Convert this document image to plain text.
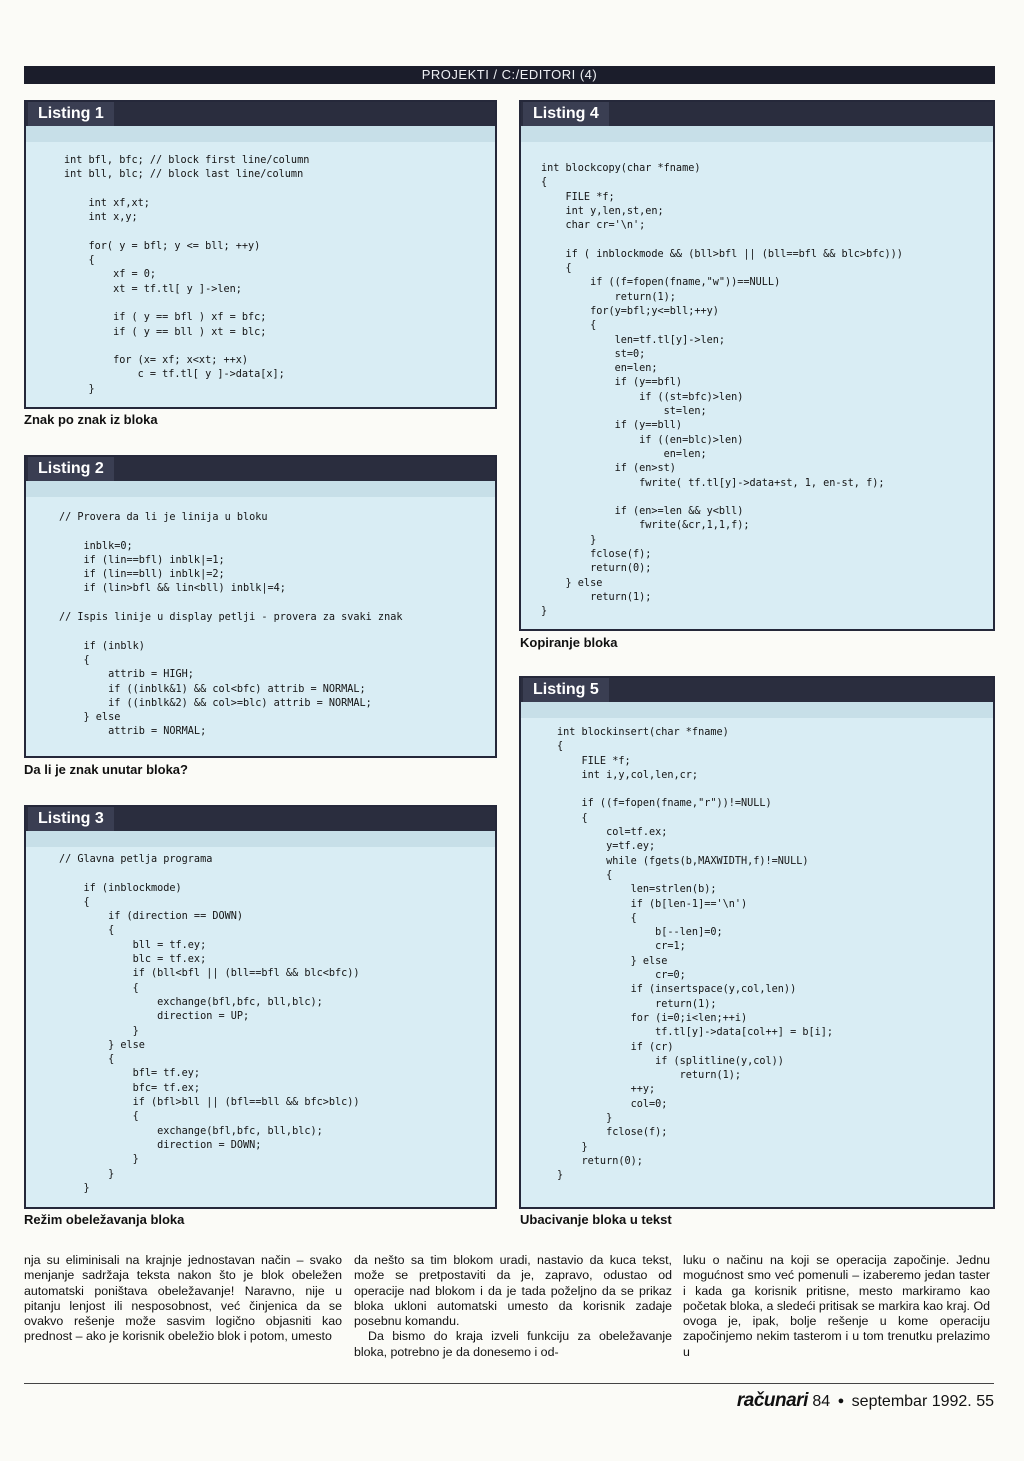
PROJEKTI / C:/EDITORI (4)
Listing 1
int bfl, bfc; // block first line/column
int bll, blc; // block last line/column

int xf,xt;
int x,y;

for( y = bfl; y <= bll; ++y)
{
xf = 0;
xt = tf.tl[ y ]->len;

if ( y == bfl ) xf = bfc;
if ( y == bll ) xt = blc;

for (x= xf; x<xt; ++x)
c = tf.tl[ y ]->data[x];
}
Znak po znak iz bloka
Listing 2
// Provera da li je linija u bloku

inblk=0;
if (lin==bfl) inblk|=1;
if (lin==bll) inblk|=2;
if (lin>bfl && lin<bll) inblk|=4;

// Ispis linije u display petlji - provera za svaki znak

if (inblk)
{
attrib = HIGH;
if ((inblk&1) && col<bfc) attrib = NORMAL;
if ((inblk&2) && col>=blc) attrib = NORMAL;
} else
attrib = NORMAL;
Da li je znak unutar bloka?
Listing 3
// Glavna petlja programa

if (inblockmode)
{
if (direction == DOWN)
{
bll = tf.ey;
blc = tf.ex;
if (bll<bfl || (bll==bfl && blc<bfc))
{
exchange(bfl,bfc, bll,blc);
direction = UP;
}
} else
{
bfl= tf.ey;
bfc= tf.ex;
if (bfl>bll || (bfl==bll && bfc>blc))
{
exchange(bfl,bfc, bll,blc);
direction = DOWN;
}
}
}
Režim obeležavanja bloka
Listing 4
int blockcopy(char *fname)
{
FILE *f;
int y,len,st,en;
char cr='\n';

if ( inblockmode && (bll>bfl || (bll==bfl && blc>bfc)))
{
if ((f=fopen(fname,"w"))==NULL)
return(1);
for(y=bfl;y<=bll;++y)
{
len=tf.tl[y]->len;
st=0;
en=len;
if (y==bfl)
if ((st=bfc)>len)
st=len;
if (y==bll)
if ((en=blc)>len)
en=len;
if (en>st)
fwrite( tf.tl[y]->data+st, 1, en-st, f);

if (en>=len && y<bll)
fwrite(&cr,1,1,f);
}
fclose(f);
return(0);
} else
return(1);
}
Kopiranje bloka
Listing 5
int blockinsert(char *fname)
{
FILE *f;
int i,y,col,len,cr;

if ((f=fopen(fname,"r"))!=NULL)
{
col=tf.ex;
y=tf.ey;
while (fgets(b,MAXWIDTH,f)!=NULL)
{
len=strlen(b);
if (b[len-1]=='\n')
{
b[--len]=0;
cr=1;
} else
cr=0;
if (insertspace(y,col,len))
return(1);
for (i=0;i<len;++i)
tf.tl[y]->data[col++] = b[i];
if (cr)
if (splitline(y,col))
return(1);
++y;
col=0;
}
fclose(f);
}
return(0);
}
Ubacivanje bloka u tekst

nja su eliminisali na krajnje jednostavan način – svako menjanje sadržaja teksta nakon što je blok obeležen automatski poništava obeležavanje! Naravno, nije u pitanju lenjost ili nesposobnost, već činjenica da se ovakvo rešenje može sasvim logično objasniti kao prednost – ako je korisnik obeležio blok i potom, umesto

da nešto sa tim blokom uradi, nastavio da kuca tekst, može se pretpostaviti da je, zapravo, odustao od operacije nad blokom i da je tada poželjno da se prikaz bloka ukloni automatski umesto da korisnik zadaje posebnu komandu.
Da bismo do kraja izveli funkciju za obeležavanje bloka, potrebno je da donesemo i od-

luku o načinu na koji se operacija započinje. Jednu mogućnost smo već pomenuli – izaberemo jedan taster i kada ga korisnik pritisne, mesto markiramo kao početak bloka, a sledeći pritisak se markira kao kraj. Od ovoga je, ipak, bolje rešenje u kome operaciju započinjemo nekim tasterom i u tom trenutku prelazimo u

računari 84 ● septembar 1992. 55
